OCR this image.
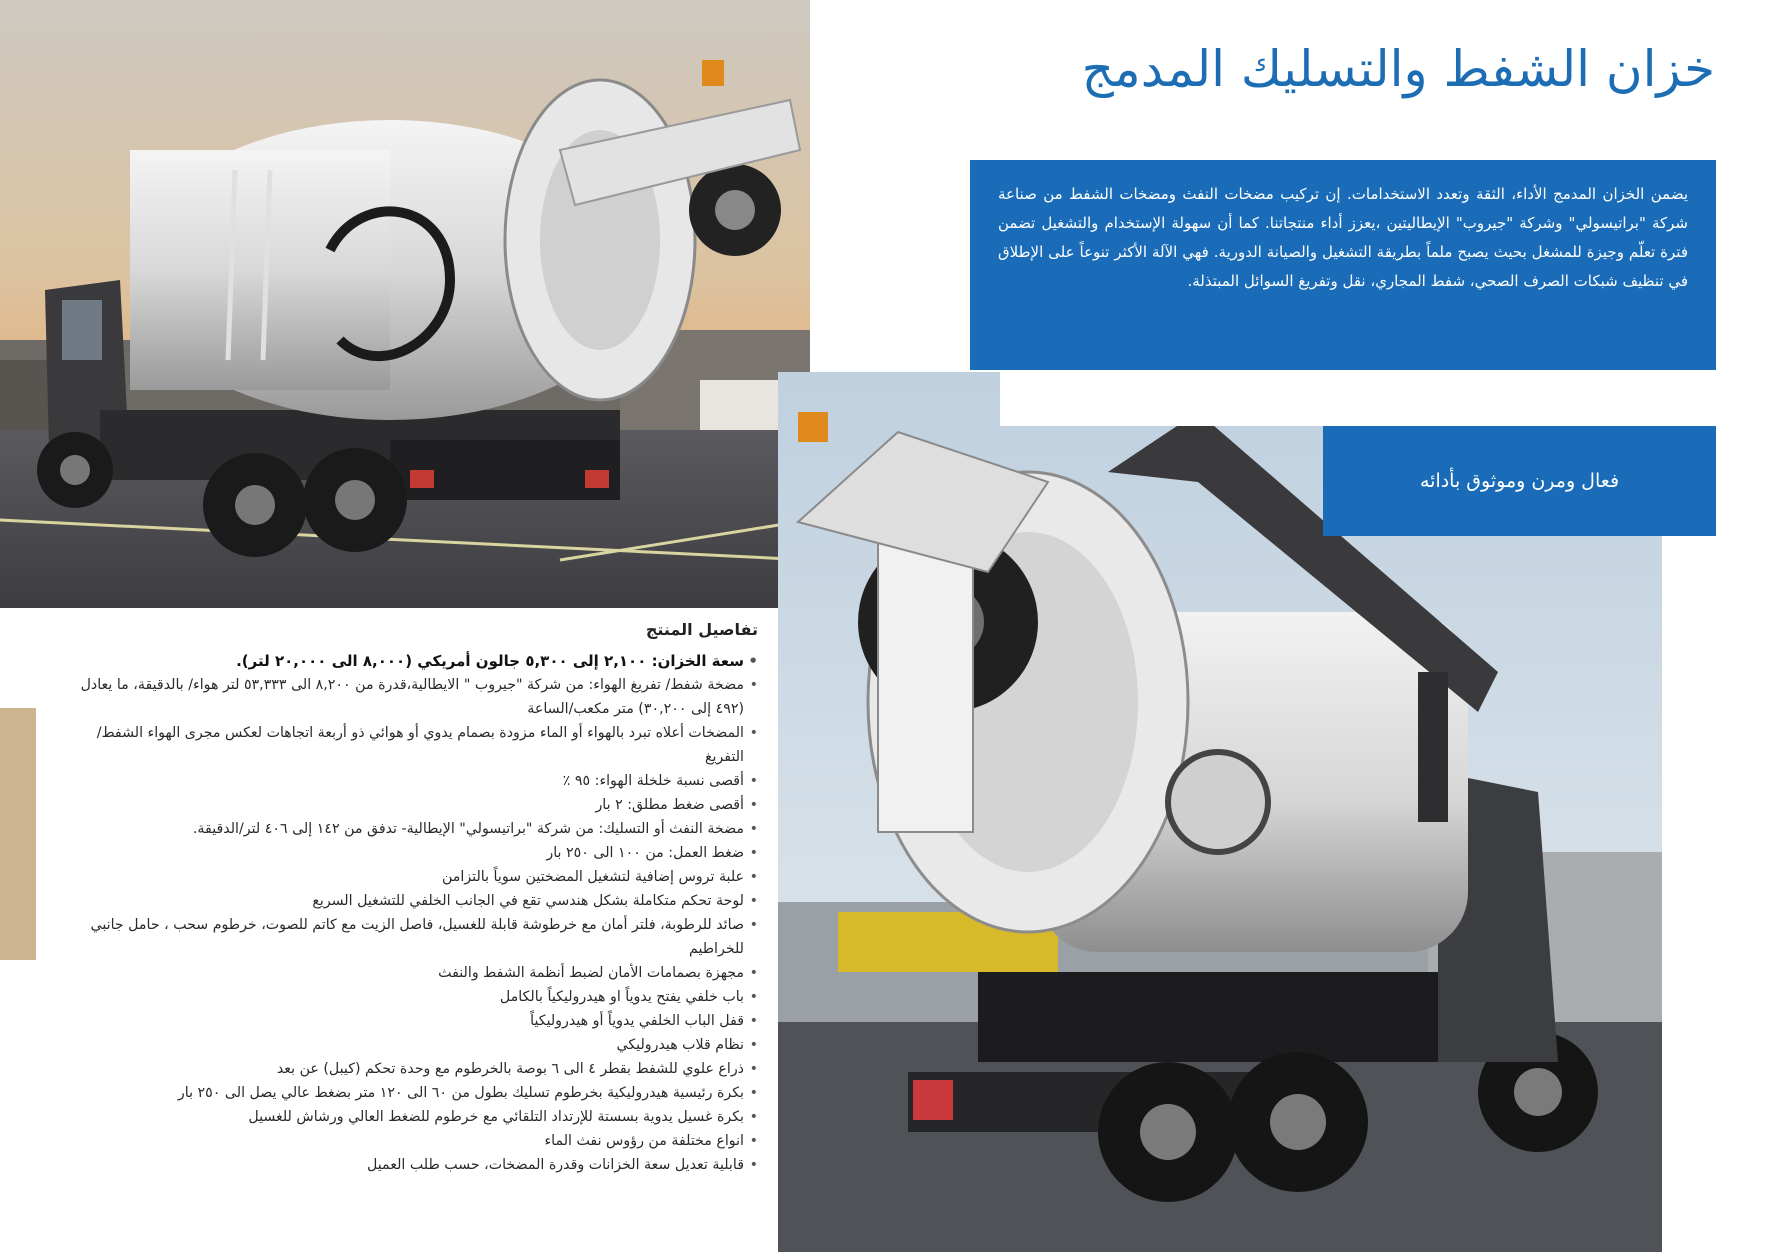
خزان الشفط والتسليك المدمج

يضمن الخزان المدمج الأداء، الثقة وتعدد الاستخدامات. إن تركيب مضخات النفث ومضخات الشفط من صناعة شركة "براتيسولي" وشركة "جيروب" الإيطاليتين ،يعزز أداء منتجاتنا. كما أن سهولة الإستخدام والتشغيل تضمن فترة تعلّم وجيزة للمشغل بحيث يصبح ملماً بطريقة التشغيل والصيانة الدورية. فهي الآلة الأكثر تنوعاً على الإطلاق في تنظيف شبكات الصرف الصحي، شفط المجاري، نقل وتفريغ السوائل المبتذلة.

فعال ومرن وموثوق بأدائه
تفاصيل المنتج
• سعة الخزان: ٢,١٠٠ إلى ٥,٣٠٠ جالون أمريكي (٨,٠٠٠ الى ٢٠,٠٠٠ لتر).
• مضخة شفط/ تفريغ الهواء: من شركة "جيروب " الايطالية،قدرة من ٨,٢٠٠ الى ٥٣,٣٣٣ لتر هواء/ بالدقيقة، ما يعادل (٤٩٢ إلى ٣٠,٢٠٠) متر مكعب/الساعة
• المضخات أعلاه تبرد بالهواء أو الماء مزودة بصمام يدوي أو هوائي ذو أربعة اتجاهات لعكس مجرى الهواء الشفط/ التفريغ
• أقصى نسبة خلخلة الهواء: ٩٥ ٪
• أقصى ضغط مطلق: ٢ بار
• مضخة النفث أو التسليك: من شركة "براتيسولي" الإيطالية- تدفق من ١٤٢ إلى ٤٠٦ لتر/الدقيقة.
• ضغط العمل: من ١٠٠ الى ٢٥٠ بار
• علبة تروس إضافية لتشغيل المضختين سوياً بالتزامن
• لوحة تحكم متكاملة بشكل هندسي تقع في الجانب الخلفي للتشغيل السريع
• صائد للرطوبة، فلتر أمان مع خرطوشة قابلة للغسيل، فاصل الزيت مع كاتم للصوت، خرطوم سحب ، حامل جانبي للخراطيم
• مجهزة بصمامات الأمان لضبط أنظمة الشفط والنفث
• باب خلفي يفتح يدوياً او هيدروليكياً بالكامل
• قفل الباب الخلفي يدوياً أو هيدروليكياً
• نظام قلاب هيدروليكي
• ذراع علوي للشفط بقطر ٤ الى ٦ بوصة بالخرطوم مع وحدة تحكم (كيبل) عن بعد
• بكرة رئيسية هيدروليكية بخرطوم تسليك بطول من ٦٠ الى ١٢٠ متر بضغط عالي يصل الى ٢٥٠ بار
• بكرة غسيل يدوية بسستة للإرتداد التلقائي مع خرطوم للضغط العالي ورشاش للغسيل
• انواع مختلفة من رؤوس نفث الماء
• قابلية تعديل سعة الخزانات وقدرة المضخات، حسب طلب العميل
